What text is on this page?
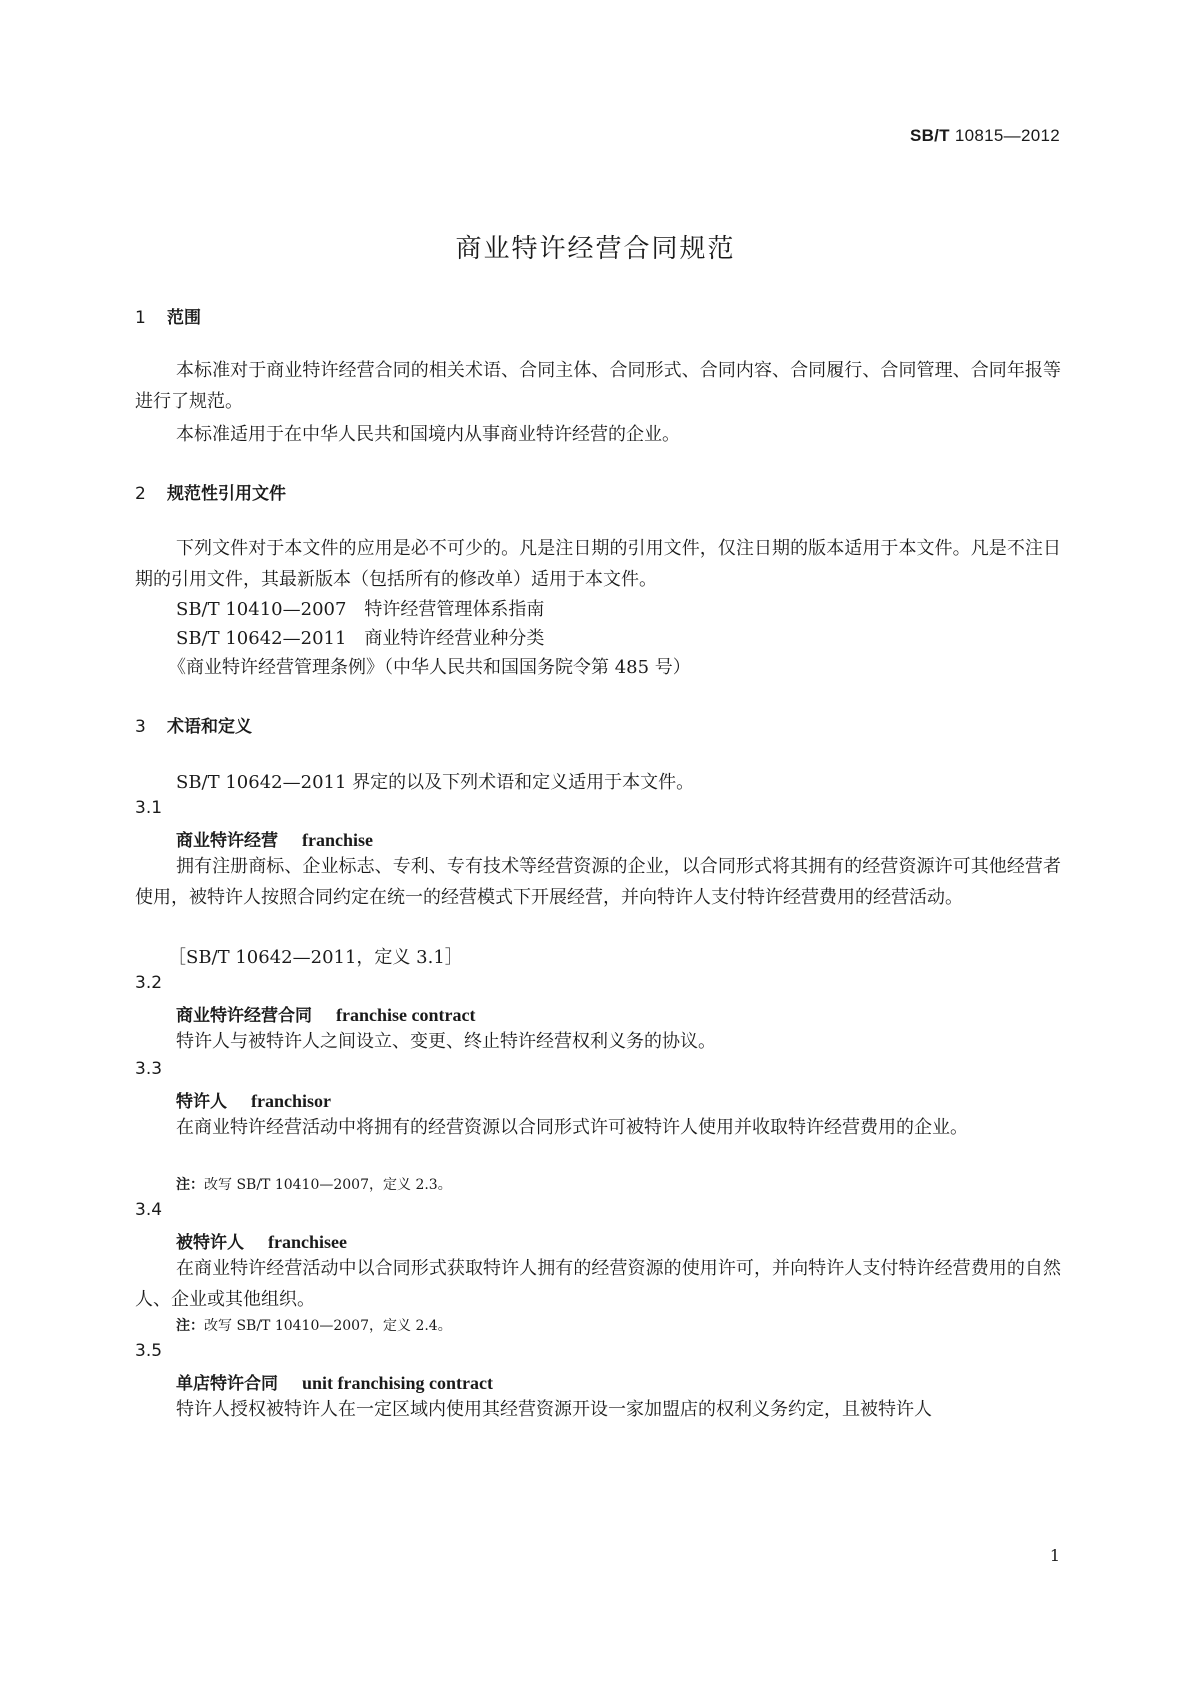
SB/T 10815—2012
商业特许经营合同规范
1 范围
本标准对于商业特许经营合同的相关术语、合同主体、合同形式、合同内容、合同履行、合同管理、合同年报等进行了规范。
本标准适用于在中华人民共和国境内从事商业特许经营的企业。
2 规范性引用文件
下列文件对于本文件的应用是必不可少的。凡是注日期的引用文件，仅注日期的版本适用于本文件。凡是不注日期的引用文件，其最新版本（包括所有的修改单）适用于本文件。
SB/T 10410—2007　特许经营管理体系指南
SB/T 10642—2011　商业特许经营业种分类
《商业特许经营管理条例》（中华人民共和国国务院令第 485 号）
3 术语和定义
SB/T 10642—2011 界定的以及下列术语和定义适用于本文件。
3.1
商业特许经营 franchise
拥有注册商标、企业标志、专利、专有技术等经营资源的企业，以合同形式将其拥有的经营资源许可其他经营者使用，被特许人按照合同约定在统一的经营模式下开展经营，并向特许人支付特许经营费用的经营活动。
［SB/T 10642—2011，定义 3.1］
3.2
商业特许经营合同 franchise contract
特许人与被特许人之间设立、变更、终止特许经营权利义务的协议。
3.3
特许人 franchisor
在商业特许经营活动中将拥有的经营资源以合同形式许可被特许人使用并收取特许经营费用的企业。
注：改写 SB/T 10410—2007，定义 2.3。
3.4
被特许人 franchisee
在商业特许经营活动中以合同形式获取特许人拥有的经营资源的使用许可，并向特许人支付特许经营费用的自然人、企业或其他组织。
注：改写 SB/T 10410—2007，定义 2.4。
3.5
单店特许合同 unit franchising contract
特许人授权被特许人在一定区域内使用其经营资源开设一家加盟店的权利义务约定，且被特许人
1
